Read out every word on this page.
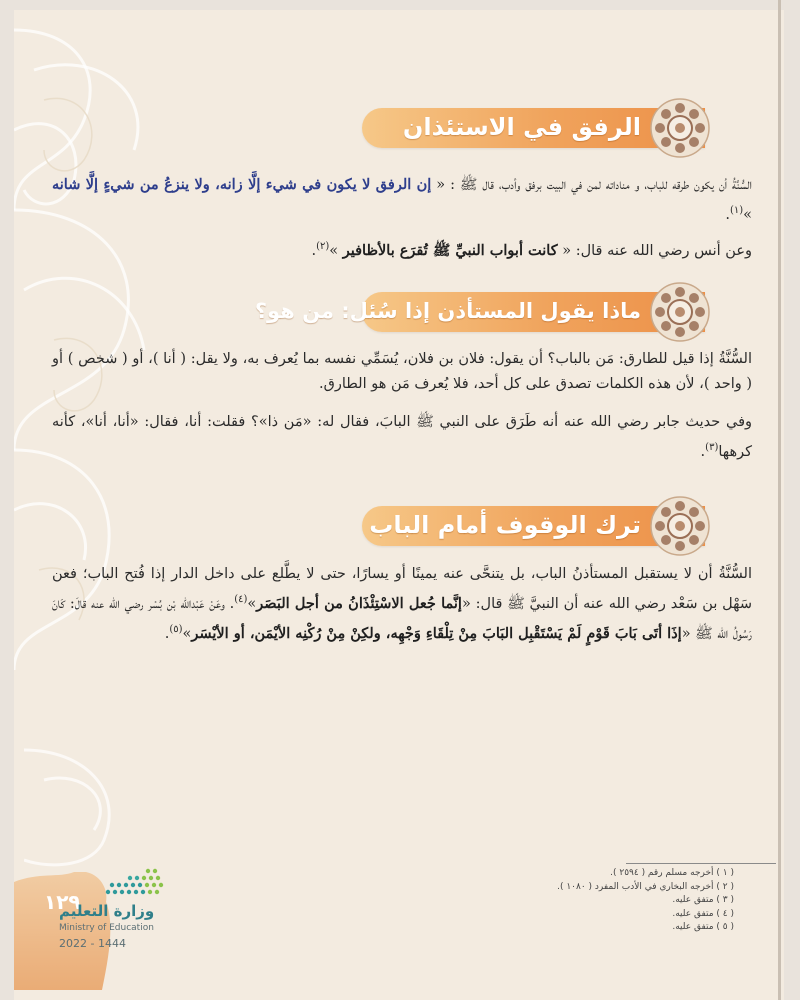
الرفق في الاستئذان
السُّنَّةُ أن يكون طرقه للباب، و مناداته لمن في البيت برفق وأدب، قال ﷺ : « إن الرفق لا يكون في شيء إلَّا زانه، ولا ينزعُ من شيءٍ إلَّا شانه »$^{(١)}$.
وعن أنس رضي الله عنه قال: « كانت أبواب النبيِّ ﷺ تُقرَع بالأظافير »$^{(٢)}$.
ماذا يقول المستأذن إذا سُئل: من هو؟
السُّنَّةُ إذا قيل للطارق: مَن بالباب؟ أن يقول: فلان بن فلان، يُسَمِّي نفسه بما يُعرف به، ولا يقل: ( أنا )، أو ( شخص ) أو ( واحد )، لأن هذه الكلمات تصدق على كل أحد، فلا يُعرف مَن هو الطارق.
وفي حديث جابر رضي الله عنه أنه طَرَق على النبي ﷺ البابَ، فقال له: «مَن ذا»؟ فقلت: أنا، فقال: «أنا، أنا»، كأنه كرهها$^{(٣)}$.
ترك الوقوف أمام الباب
السُّنَّةُ أن لا يستقبل المستأذنُ الباب، بل يتنحَّى عنه يمينًا أو يسارًا، حتى لا يطَّلع على داخل الدار إذا فُتح الباب؛ فعن سَهْل بن سَعْد رضي الله عنه أن النبيَّ ﷺ قال: «إنَّما جُعل الاسْتِئْذَانُ من أجل البَصَر»$^{(٤)}$. وعَنْ عَبْدالله بْن بُسْر رضي الله عنه قالَ: كَانَ رَسُولُ الله ﷺ «إذَا أتَى بَابَ قَوْمٍ لَمْ يَسْتَقْبِل البَابَ مِنْ تِلْقَاءِ وَجْهِه، ولكِنْ مِنْ رُكْنِه الأيْمَن، أو الأيْسَر»$^{(٥)}$.
( ١ ) أخرجه مسلم رقم ( ٢٥٩٤ ).
( ٢ ) أخرجه البخاري في الأدب المفرد ( ١٠٨٠ ).
( ٣ ) متفق عليه.
( ٤ ) متفق عليه.
( ٥ ) متفق عليه.
١٢٩
وزارة التعليم
Ministry of Education
2022 - 1444
